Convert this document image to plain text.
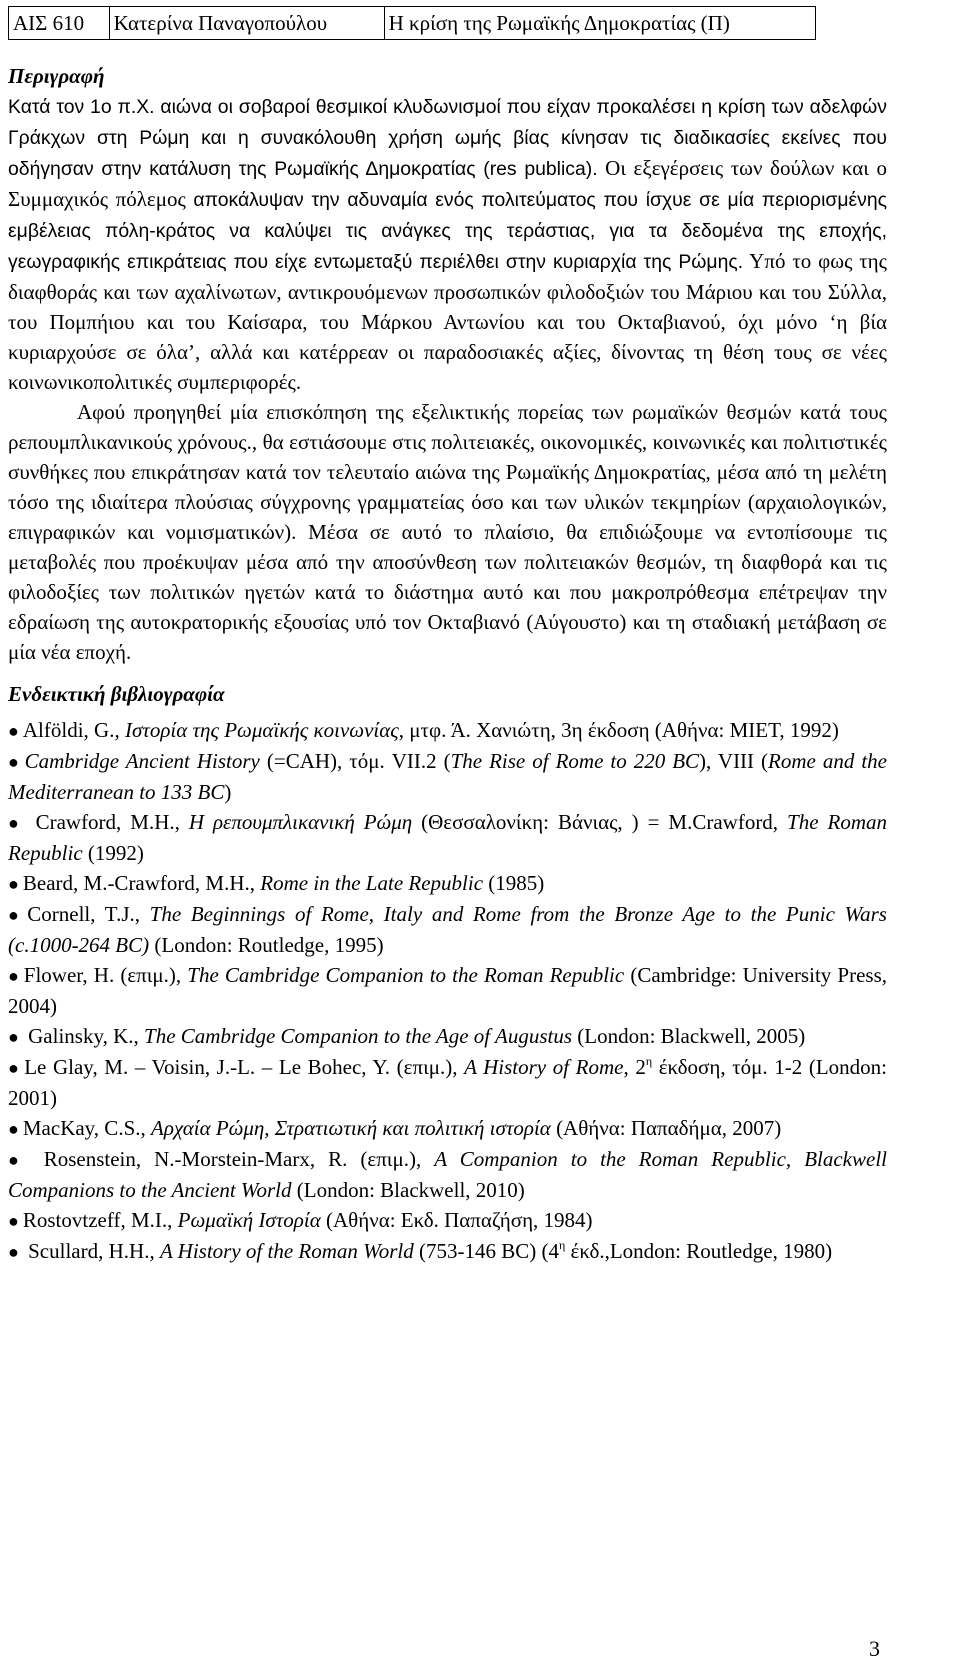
ΑΙΣ 610	Κατερίνα Παναγοπούλου	Η κρίση της Ρωμαϊκής Δημοκρατίας (Π)

Περιγραφή

Κατά τον 1ο π.Χ. αιώνα οι σοβαροί θεσμικοί κλυδωνισμοί που είχαν προκαλέσει η κρίση των αδελφών Γράκχων στη Ρώμη και η συνακόλουθη χρήση ωμής βίας κίνησαν τις διαδικασίες εκείνες που οδήγησαν στην κατάλυση της Ρωμαϊκής Δημοκρατίας (res publica). Οι εξεγέρσεις των δούλων και ο Συμμαχικός πόλεμος αποκάλυψαν την αδυναμία ενός πολιτεύματος που ίσχυε σε μία περιορισμένης εμβέλειας πόλη-κράτος να καλύψει τις ανάγκες της τεράστιας, για τα δεδομένα της εποχής, γεωγραφικής επικράτειας που είχε εντωμεταξύ περιέλθει στην κυριαρχία της Ρώμης. Υπό το φως της διαφθοράς και των αχαλίνωτων, αντικρουόμενων προσωπικών φιλοδοξιών του Μάριου και του Σύλλα, του Πομπήιου και του Καίσαρα, του Μάρκου Αντωνίου και του Οκταβιανού, όχι μόνο ‘η βία κυριαρχούσε σε όλα’, αλλά και κατέρρεαν οι παραδοσιακές αξίες, δίνοντας τη θέση τους σε νέες κοινωνικοπολιτικές συμπεριφορές.

Αφού προηγηθεί μία επισκόπηση της εξελικτικής πορείας των ρωμαϊκών θεσμών κατά τους ρεπουμπλικανικούς χρόνους., θα εστιάσουμε στις πολιτειακές, οικονομικές, κοινωνικές και πολιτιστικές συνθήκες που επικράτησαν κατά τον τελευταίο αιώνα της Ρωμαϊκής Δημοκρατίας, μέσα από τη μελέτη τόσο της ιδιαίτερα πλούσιας σύγχρονης γραμματείας όσο και των υλικών τεκμηρίων (αρχαιολογικών, επιγραφικών και νομισματικών). Μέσα σε αυτό το πλαίσιο, θα επιδιώξουμε να εντοπίσουμε τις μεταβολές που προέκυψαν μέσα από την αποσύνθεση των πολιτειακών θεσμών, τη διαφθορά και τις φιλοδοξίες των πολιτικών ηγετών κατά το διάστημα αυτό και που μακροπρόθεσμα επέτρεψαν την εδραίωση της αυτοκρατορικής εξουσίας υπό τον Οκταβιανό (Αύγουστο) και τη σταδιακή μετάβαση σε μία νέα εποχή.

Ενδεικτική βιβλιογραφία

● Alföldi, G., Ιστορία της Ρωμαϊκής κοινωνίας, μτφ. Ά. Χανιώτη, 3η έκδοση (Αθήνα: ΜΙΕΤ, 1992)
● Cambridge Ancient History (=CAH), τόμ. VII.2 (The Rise of Rome to 220 BC), VIII (Rome and the Mediterranean to 133 BC)
● Crawford, M.H., Η ρεπουμπλικανική Ρώμη (Θεσσαλονίκη: Βάνιας, ) = M.Crawford, The Roman Republic (1992)
● Beard, M.-Crawford, M.H., Rome in the Late Republic (1985)
● Cornell, T.J., The Beginnings of Rome, Italy and Rome from the Bronze Age to the Punic Wars (c.1000-264 BC) (London: Routledge, 1995)
● Flower, H. (επιμ.), The Cambridge Companion to the Roman Republic (Cambridge: University Press, 2004)
● Galinsky, K., The Cambridge Companion to the Age of Augustus (London: Blackwell, 2005)
● Le Glay, M. – Voisin, J.-L. – Le Bohec, Y. (επιμ.), A History of Rome, $2^\eta$ έκδοση, τόμ. 1-2 (London: 2001)
● MacKay, C.S., Αρχαία Ρώμη, Στρατιωτική και πολιτική ιστορία (Αθήνα: Παπαδήμα, 2007)
● Rosenstein, N.-Morstein-Marx, R. (επιμ.), A Companion to the Roman Republic, Blackwell Companions to the Ancient World (London: Blackwell, 2010)
● Rostovtzeff, M.I., Ρωμαϊκή Ιστορία (Αθήνα: Εκδ. Παπαζήση, 1984)
● Scullard, H.H., A History of the Roman World (753-146 BC) ($4^\eta$ έκδ.,London: Routledge, 1980)
3
